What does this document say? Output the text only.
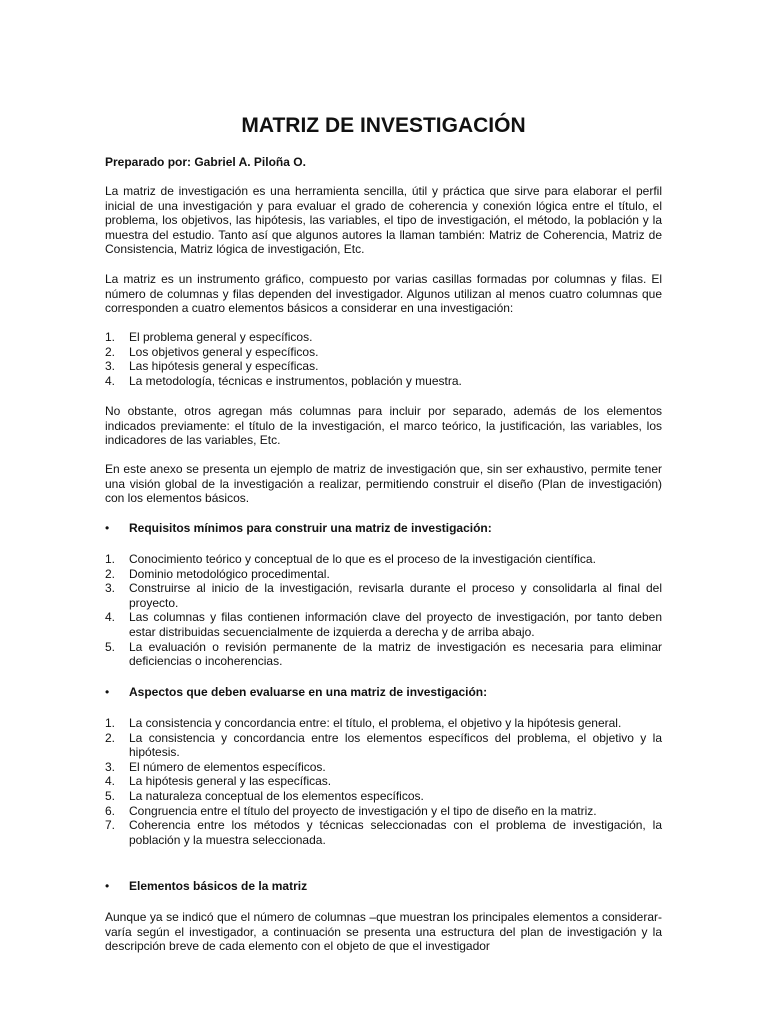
MATRIZ DE INVESTIGACIÓN

Preparado por: Gabriel A. Piloña O.

La matriz de investigación es una herramienta sencilla, útil y práctica que sirve para elaborar el perfil inicial de una investigación y para evaluar el grado de coherencia y conexión lógica entre el título, el problema, los objetivos, las hipótesis, las variables, el tipo de investigación, el método, la población y la muestra del estudio. Tanto así que algunos autores la llaman también: Matriz de Coherencia, Matriz de Consistencia, Matriz lógica de investigación, Etc.

La matriz es un instrumento gráfico, compuesto por varias casillas formadas por columnas y filas. El número de columnas y filas dependen del investigador. Algunos utilizan al menos cuatro columnas que corresponden a cuatro elementos básicos a considerar en una investigación:

1.	El problema general y específicos.
2.	Los objetivos general y específicos.
3.	Las hipótesis general y específicas.
4.	La metodología, técnicas e instrumentos, población y muestra.

No obstante, otros agregan más columnas para incluir por separado, además de los elementos indicados previamente: el título de la investigación, el marco teórico, la justificación, las variables, los indicadores de las variables, Etc.

En este anexo se presenta un ejemplo de matriz de investigación que, sin ser exhaustivo, permite tener una visión global de la investigación a realizar, permitiendo construir el diseño (Plan de investigación) con los elementos básicos.

•	Requisitos mínimos para construir una matriz de investigación:
1.	Conocimiento teórico y conceptual de lo que es el proceso de la investigación científica.
2.	Dominio metodológico procedimental.
3.	Construirse al inicio de la investigación, revisarla durante el proceso y consolidarla al final del proyecto.
4.	Las columnas y filas contienen información clave del proyecto de investigación, por tanto deben estar distribuidas secuencialmente de izquierda a derecha y de arriba abajo.
5.	La evaluación o revisión permanente de la matriz de investigación es necesaria para eliminar deficiencias o incoherencias.
•	Aspectos que deben evaluarse en una matriz de investigación:
1.	La consistencia y concordancia entre: el título, el problema, el objetivo y la hipótesis general.
2.	La consistencia y concordancia entre los elementos específicos del problema, el objetivo y la hipótesis.
3.	El número de elementos específicos.
4.	La hipótesis general y las específicas.
5.	La naturaleza conceptual de los elementos específicos.
6.	Congruencia entre el título del proyecto de investigación y el tipo de diseño en la matriz.
7.	Coherencia entre los métodos y técnicas seleccionadas con el problema de investigación, la población y la muestra seleccionada.
•	Elementos básicos de la matriz

Aunque ya se indicó que el número de columnas –que muestran los principales elementos a considerar- varía según el investigador, a continuación se presenta una estructura del plan de investigación y la descripción breve de cada elemento con el objeto de que el investigador
